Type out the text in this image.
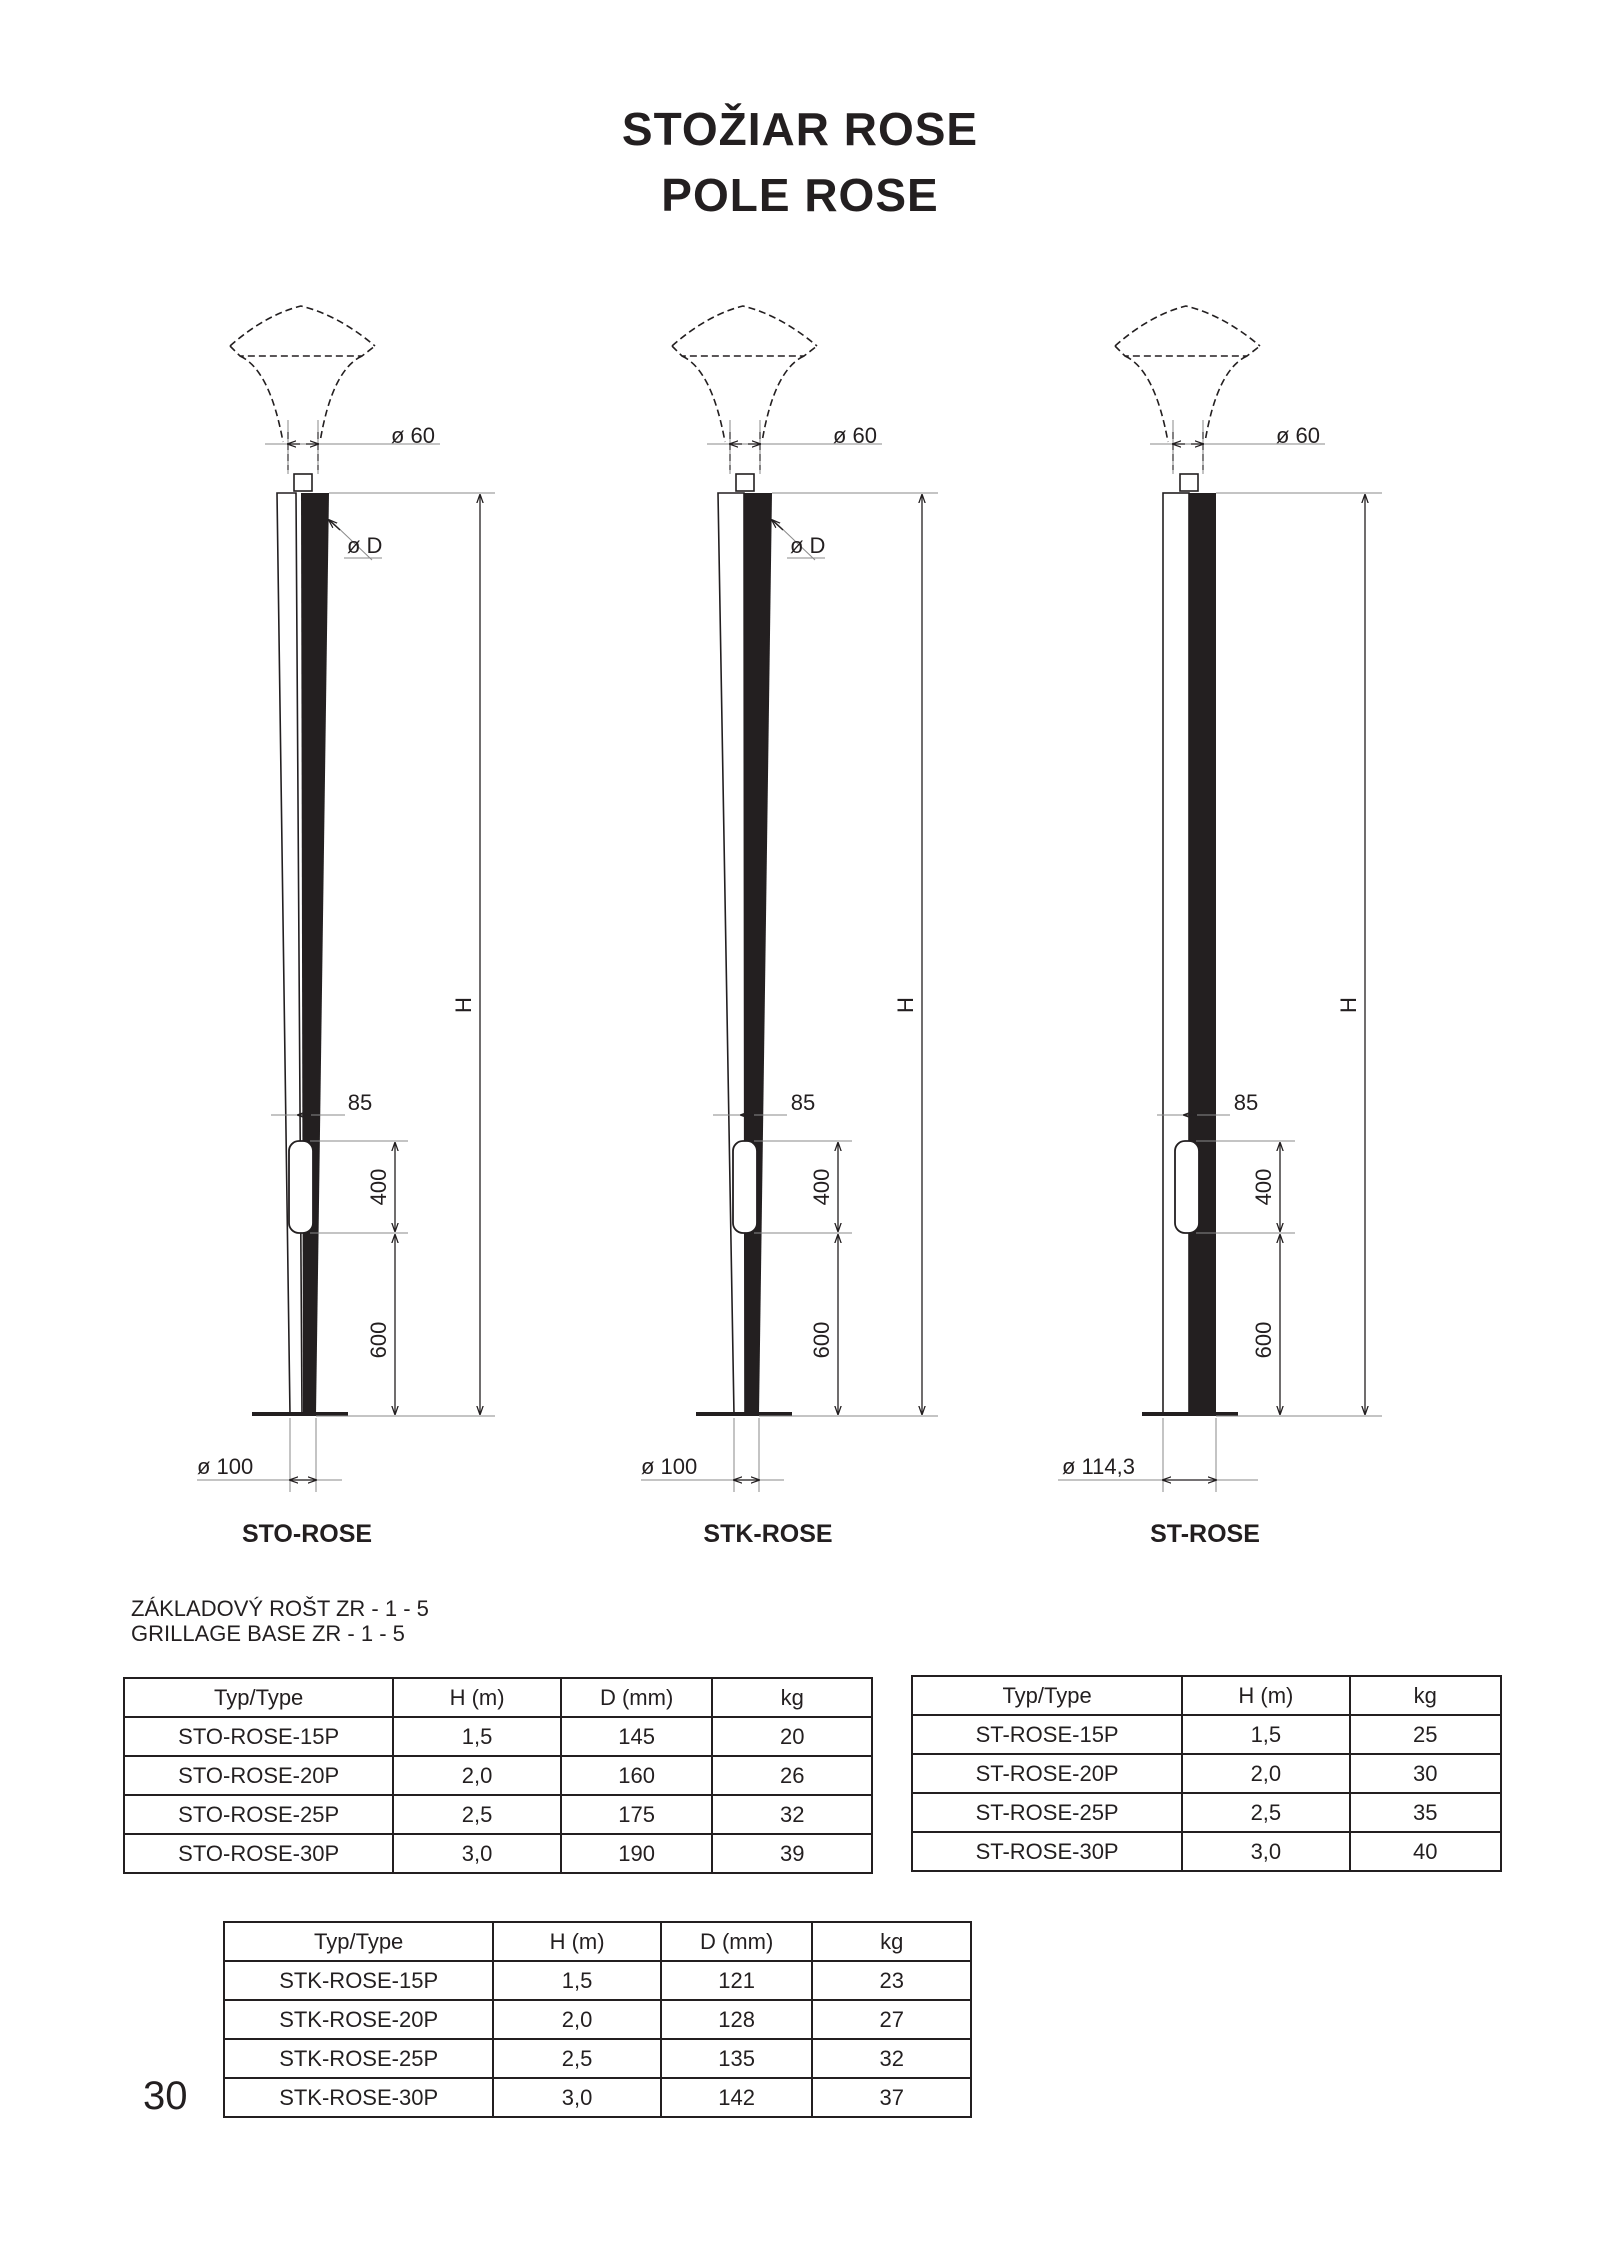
STOŽIAR ROSE
POLE ROSE
ø 60
ø D
H
85
400
600
ø 100
STO-ROSE
ø 60
ø D
H
85
400
600
ø 100
STK-ROSE
ø 60
H
85
400
600
ø 114,3
ST-ROSE
ZÁKLADOVÝ ROŠT ZR - 1 - 5
GRILLAGE BASE ZR - 1 - 5
Typ/Type	H (m)	D (mm)	kg
STO-ROSE-15P	1,5	145	20
STO-ROSE-20P	2,0	160	26
STO-ROSE-25P	2,5	175	32
STO-ROSE-30P	3,0	190	39
Typ/Type	H (m)	kg
ST-ROSE-15P	1,5	25
ST-ROSE-20P	2,0	30
ST-ROSE-25P	2,5	35
ST-ROSE-30P	3,0	40
Typ/Type	H (m)	D (mm)	kg
STK-ROSE-15P	1,5	121	23
STK-ROSE-20P	2,0	128	27
STK-ROSE-25P	2,5	135	32
STK-ROSE-30P	3,0	142	37
30
